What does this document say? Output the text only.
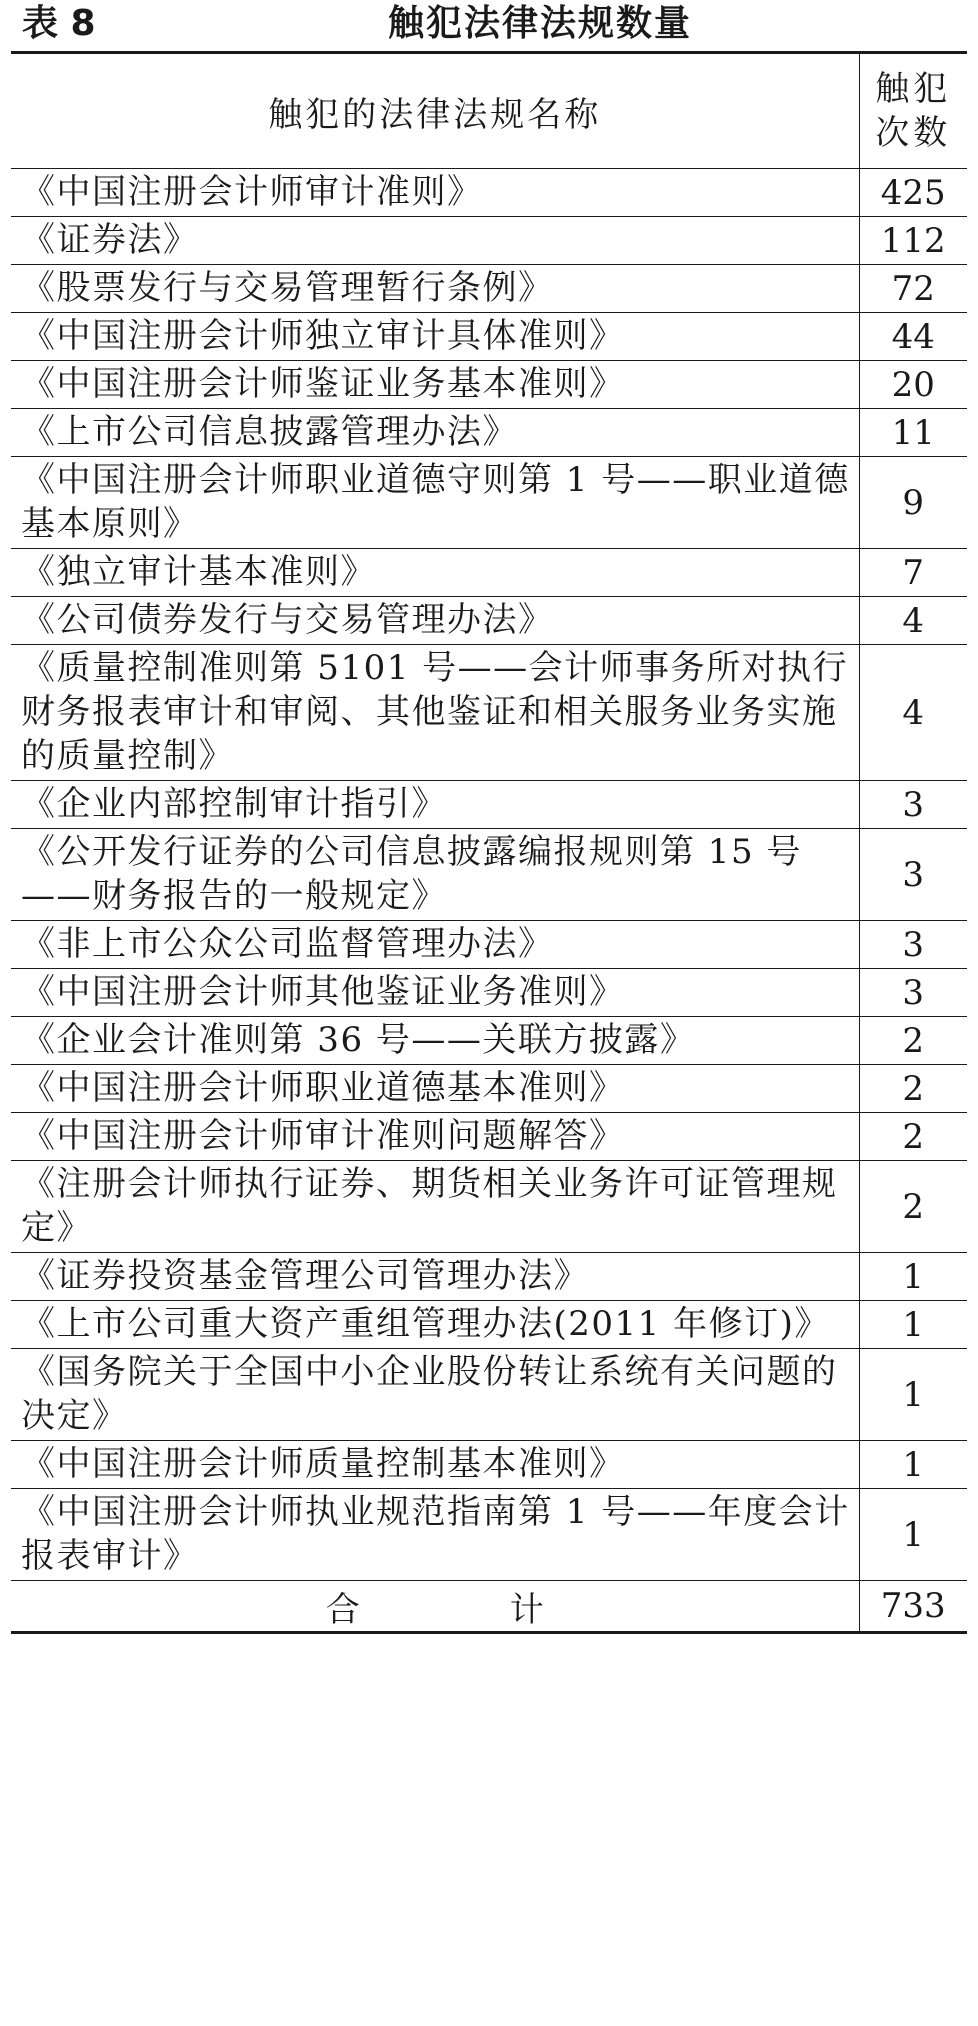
表 8	触犯法律法规数量
触犯的法律法规名称	触犯
次数

《中国注册会计师审计准则》	425
《证券法》	112
《股票发行与交易管理暂行条例》	72
《中国注册会计师独立审计具体准则》	44
《中国注册会计师鉴证业务基本准则》	20
《上市公司信息披露管理办法》	11
《中国注册会计师职业道德守则第 1 号——职业道德基本原则》	9
《独立审计基本准则》	7
《公司债券发行与交易管理办法》	4
《质量控制准则第 5101 号——会计师事务所对执行财务报表审计和审阅、其他鉴证和相关服务业务实施的质量控制》	4
《企业内部控制审计指引》	3
《公开发行证券的公司信息披露编报规则第 15 号——财务报告的一般规定》	3
《非上市公众公司监督管理办法》	3
《中国注册会计师其他鉴证业务准则》	3
《企业会计准则第 36 号——关联方披露》	2
《中国注册会计师职业道德基本准则》	2
《中国注册会计师审计准则问题解答》	2
《注册会计师执行证券、期货相关业务许可证管理规定》	2
《证券投资基金管理公司管理办法》	1
《上市公司重大资产重组管理办法(2011 年修订)》	1
《国务院关于全国中小企业股份转让系统有关问题的决定》	1
《中国注册会计师质量控制基本准则》	1
《中国注册会计师执业规范指南第 1 号——年度会计报表审计》	1
合 计	733
